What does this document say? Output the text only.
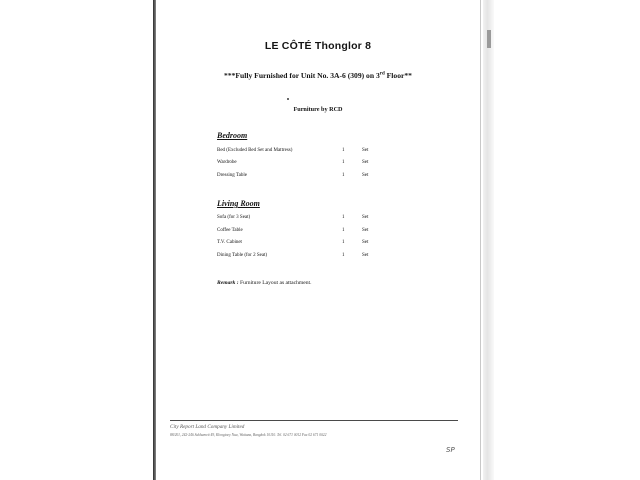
LE CÔTÉ Thonglor 8
***Fully Furnished for Unit No. 3A-6 (309) on 3rd Floor**
Furniture by RCD
Bedroom
Bed (Excluded Bed Set and Mattress)	1	Set
Wardrobe	1	Set
Dressing Table	1	Set
Living Room
Sofa (for 3 Seat)	1	Set
Coffee Table	1	Set
T.V. Cabinet	1	Set
Dining Table (for 2 Seat)	1	Set
Remark : Furniture Layout as attachment.
City Report Land Company Limited
88/201, 242-246 Sukhumvit 49, Klongtoey Nua, Wattana, Bangkok 10110. Tel. 02 671 0012 Fax 02 671 0022
SP
